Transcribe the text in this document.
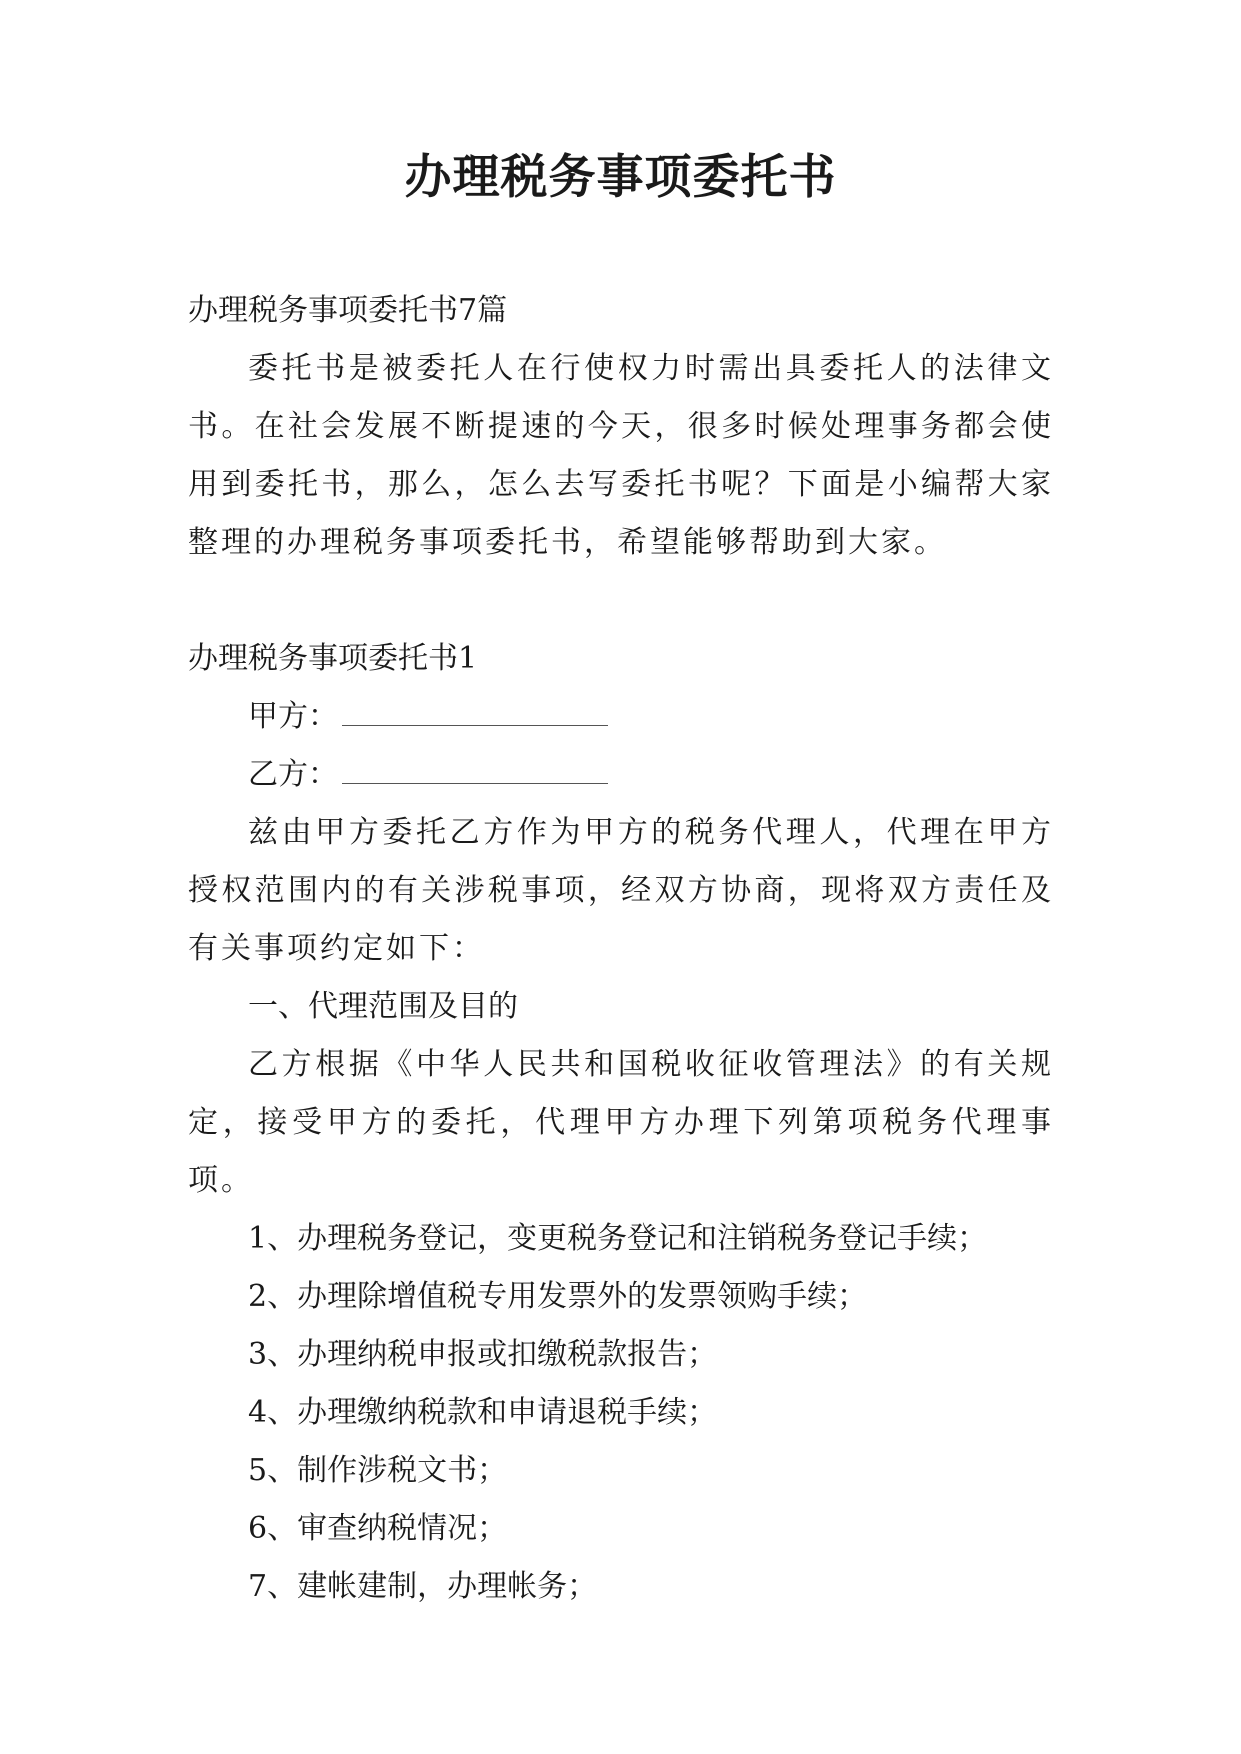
办理税务事项委托书

办理税务事项委托书7篇

委托书是被委托人在行使权力时需出具委托人的法律文书。在社会发展不断提速的今天，很多时候处理事务都会使用到委托书，那么，怎么去写委托书呢？下面是小编帮大家整理的办理税务事项委托书，希望能够帮助到大家。

办理税务事项委托书1

甲方：

乙方：

兹由甲方委托乙方作为甲方的税务代理人，代理在甲方授权范围内的有关涉税事项，经双方协商，现将双方责任及有关事项约定如下：

一、代理范围及目的

乙方根据《中华人民共和国税收征收管理法》的有关规定，接受甲方的委托，代理甲方办理下列第项税务代理事项。

1、办理税务登记，变更税务登记和注销税务登记手续；

2、办理除增值税专用发票外的发票领购手续；

3、办理纳税申报或扣缴税款报告；

4、办理缴纳税款和申请退税手续；

5、制作涉税文书；

6、审查纳税情况；

7、建帐建制，办理帐务；
